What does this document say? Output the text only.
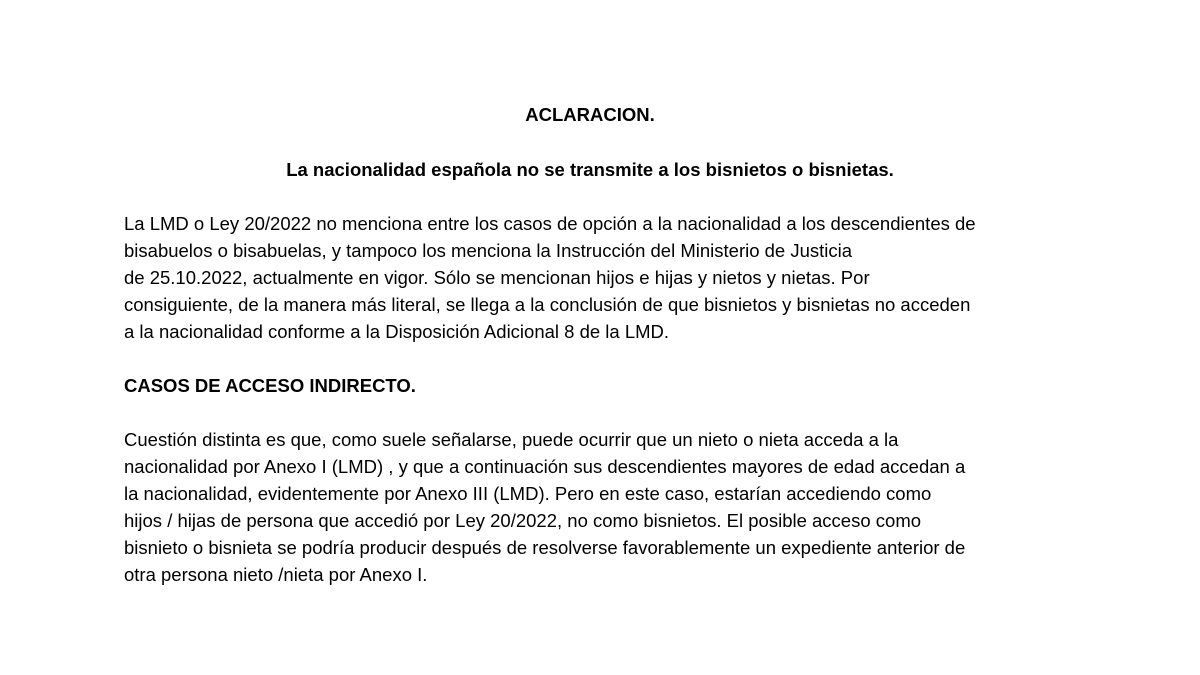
ACLARACION.
La nacionalidad española no se transmite a los bisnietos o bisnietas.
La LMD o Ley 20/2022 no menciona entre los casos de opción a la nacionalidad a los descendientes de
bisabuelos o bisabuelas, y tampoco los menciona la Instrucción del Ministerio de Justicia
de 25.10.2022, actualmente en vigor. Sólo se mencionan hijos e hijas y nietos y nietas. Por
consiguiente, de la manera más literal, se llega a la conclusión de que bisnietos y bisnietas no acceden
a la nacionalidad conforme a la Disposición Adicional 8 de la LMD.
CASOS DE ACCESO INDIRECTO.
Cuestión distinta es que, como suele señalarse, puede ocurrir que un nieto o nieta acceda a la
nacionalidad por Anexo I (LMD) , y que a continuación sus descendientes mayores de edad accedan a
la nacionalidad, evidentemente por Anexo III (LMD). Pero en este caso, estarían accediendo como
hijos / hijas de persona que accedió por Ley 20/2022, no como bisnietos. El posible acceso como
bisnieto o bisnieta se podría producir después de resolverse favorablemente un expediente anterior de
otra persona nieto /nieta por Anexo I.
